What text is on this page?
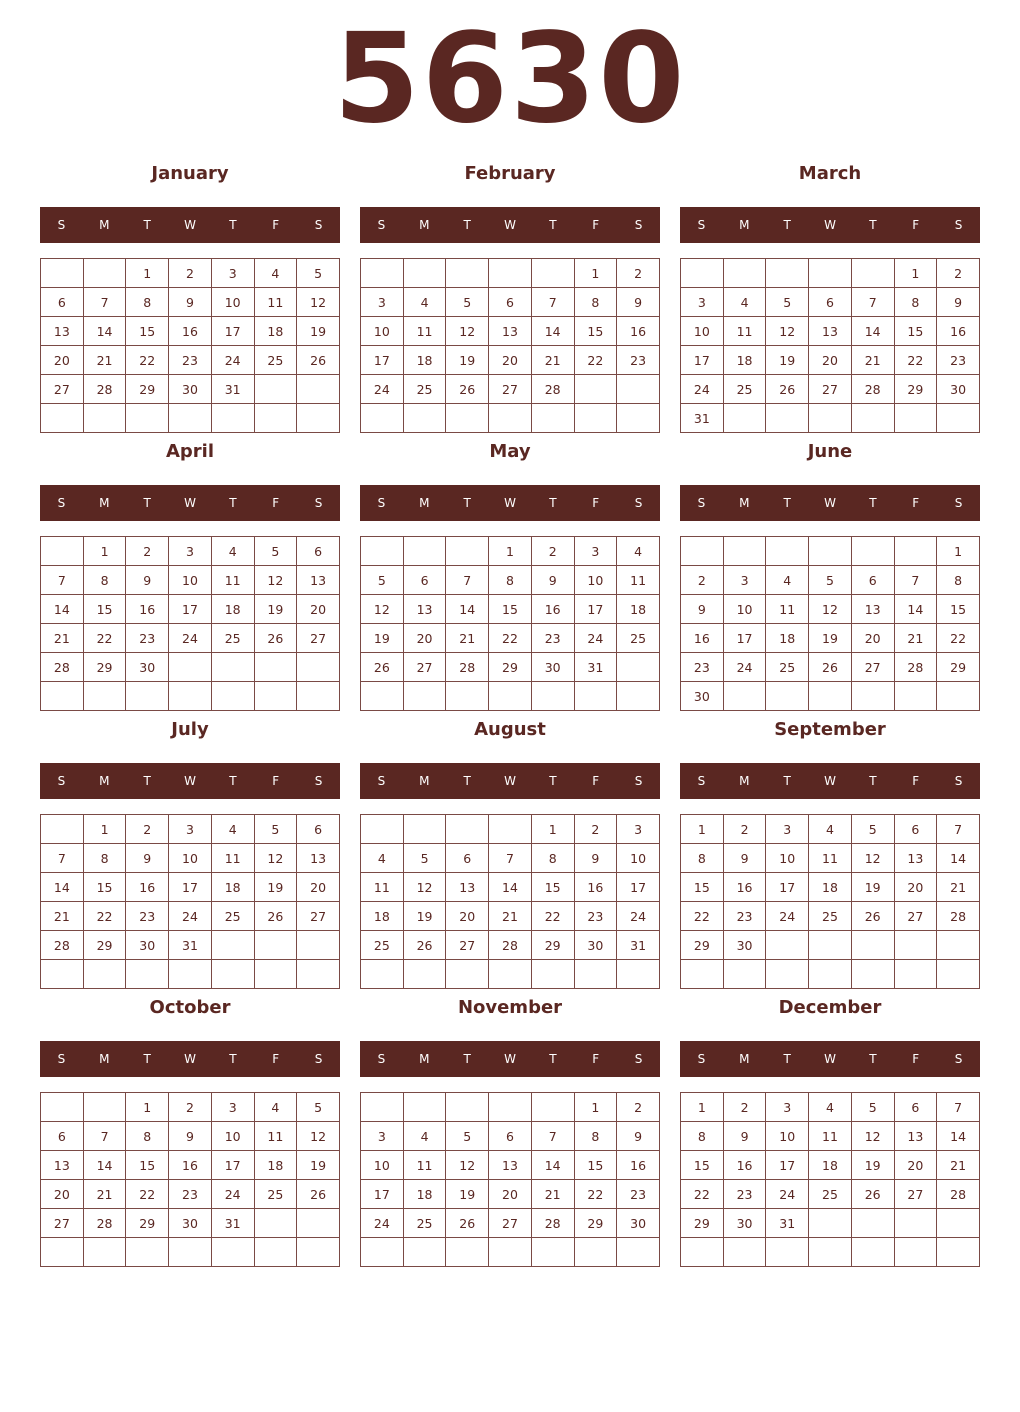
5630
January
S	M	T	W	T	F	S
		1	2	3	4	5
6	7	8	9	10	11	12
13	14	15	16	17	18	19
20	21	22	23	24	25	26
27	28	29	30	31		

February
S	M	T	W	T	F	S
					1	2
3	4	5	6	7	8	9
10	11	12	13	14	15	16
17	18	19	20	21	22	23
24	25	26	27	28		

March
S	M	T	W	T	F	S
					1	2
3	4	5	6	7	8	9
10	11	12	13	14	15	16
17	18	19	20	21	22	23
24	25	26	27	28	29	30
31						
April
S	M	T	W	T	F	S
	1	2	3	4	5	6
7	8	9	10	11	12	13
14	15	16	17	18	19	20
21	22	23	24	25	26	27
28	29	30				

May
S	M	T	W	T	F	S
			1	2	3	4
5	6	7	8	9	10	11
12	13	14	15	16	17	18
19	20	21	22	23	24	25
26	27	28	29	30	31	

June
S	M	T	W	T	F	S
						1
2	3	4	5	6	7	8
9	10	11	12	13	14	15
16	17	18	19	20	21	22
23	24	25	26	27	28	29
30						
July
S	M	T	W	T	F	S
	1	2	3	4	5	6
7	8	9	10	11	12	13
14	15	16	17	18	19	20
21	22	23	24	25	26	27
28	29	30	31			

August
S	M	T	W	T	F	S
				1	2	3
4	5	6	7	8	9	10
11	12	13	14	15	16	17
18	19	20	21	22	23	24
25	26	27	28	29	30	31

September
S	M	T	W	T	F	S
1	2	3	4	5	6	7
8	9	10	11	12	13	14
15	16	17	18	19	20	21
22	23	24	25	26	27	28
29	30					

October
S	M	T	W	T	F	S
		1	2	3	4	5
6	7	8	9	10	11	12
13	14	15	16	17	18	19
20	21	22	23	24	25	26
27	28	29	30	31		

November
S	M	T	W	T	F	S
					1	2
3	4	5	6	7	8	9
10	11	12	13	14	15	16
17	18	19	20	21	22	23
24	25	26	27	28	29	30

December
S	M	T	W	T	F	S
1	2	3	4	5	6	7
8	9	10	11	12	13	14
15	16	17	18	19	20	21
22	23	24	25	26	27	28
29	30	31				
